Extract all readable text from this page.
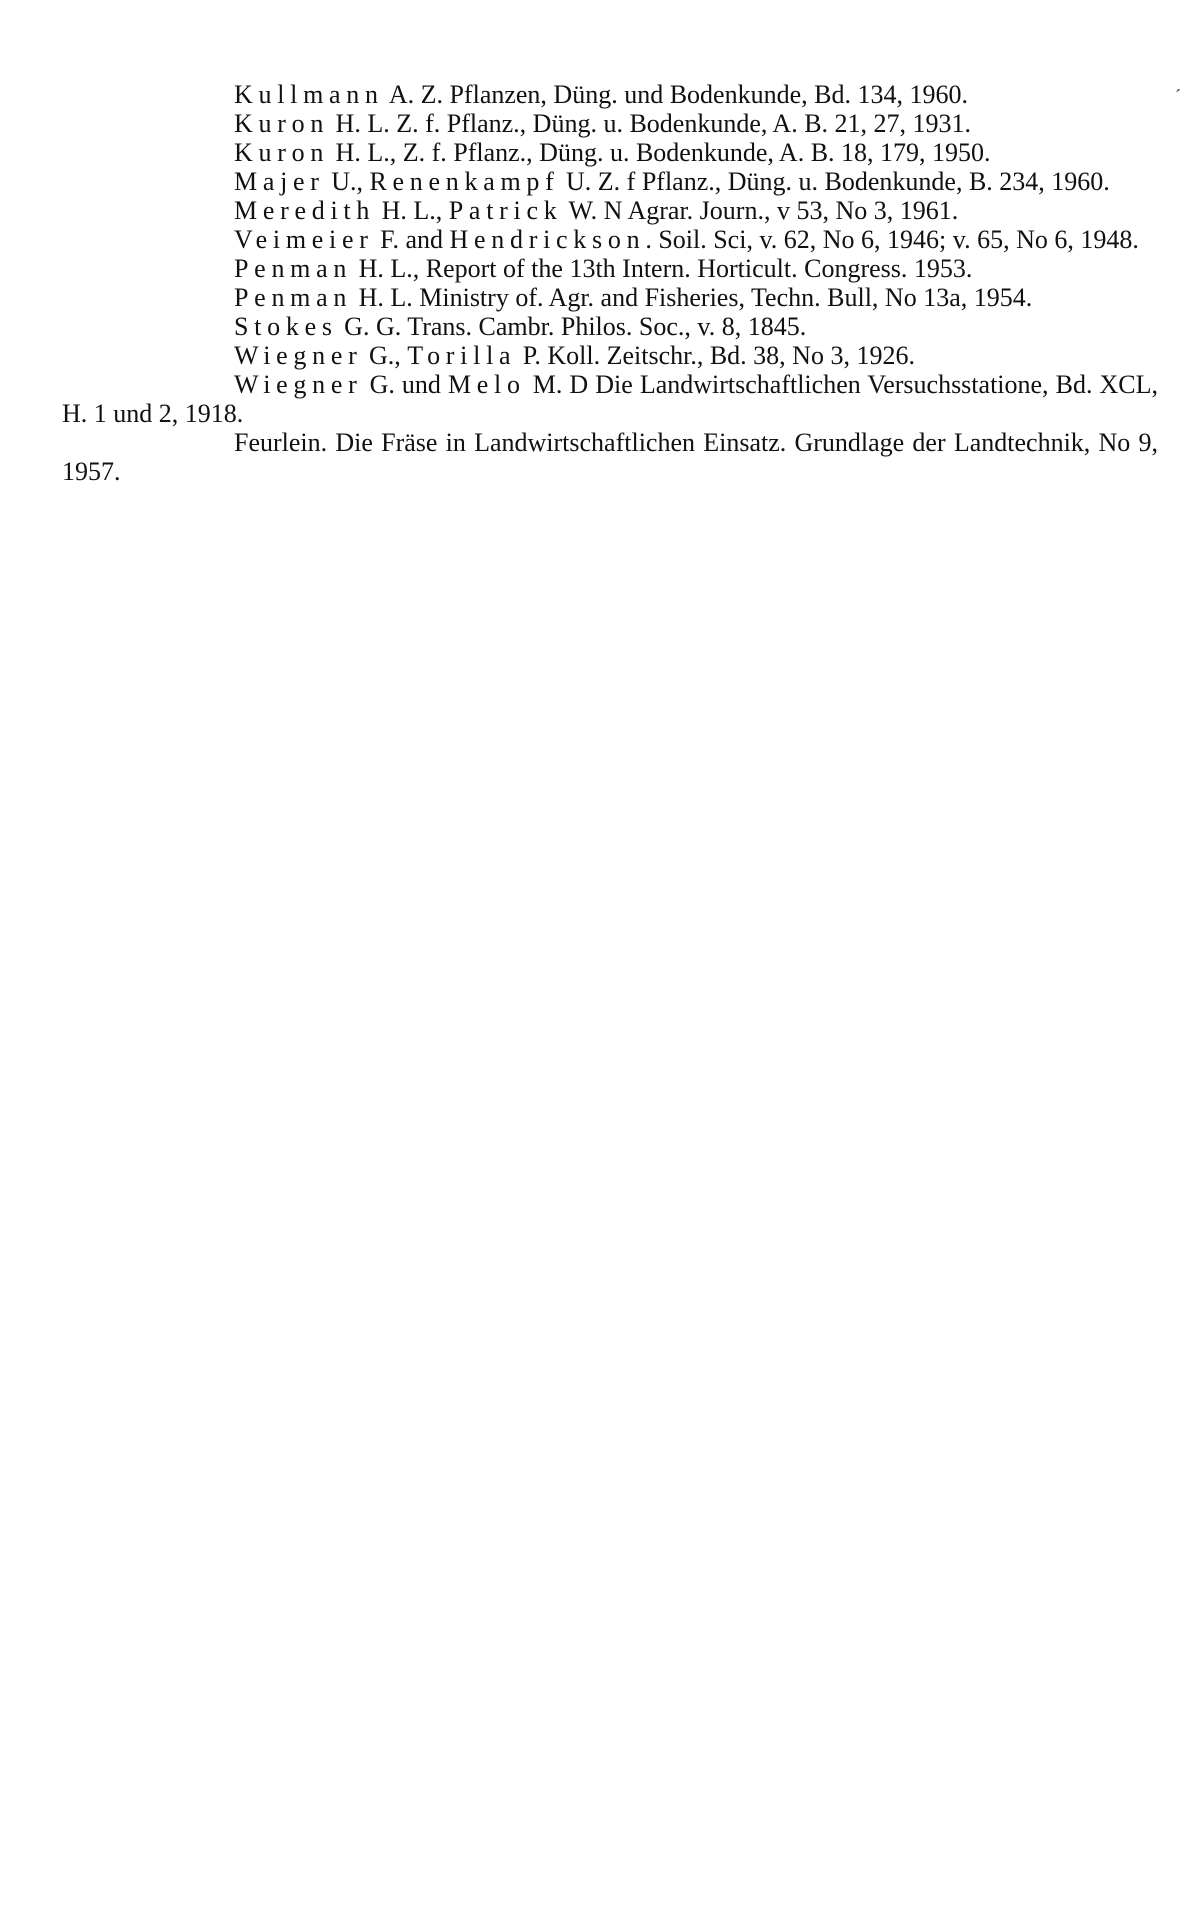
Kullmann A. Z. Pflanzen, Düng. und Bodenkunde, Bd. 134, 1960.
Kuron H. L. Z. f. Pflanz., Düng. u. Bodenkunde, A. B. 21, 27, 1931.
Kuron H. L., Z. f. Pflanz., Düng. u. Bodenkunde, A. B. 18, 179, 1950.
Majer U., Renenkampf U. Z. f Pflanz., Düng. u. Bodenkunde, B. 234, 1960.
Meredith H. L., Patrick W. N Agrar. Journ., v 53, No 3, 1961.
Veimeier F. and Hendrickson. Soil. Sci, v. 62, No 6, 1946; v. 65, No 6, 1948.
Penman H. L., Report of the 13th Intern. Horticult. Congress. 1953.
Penman H. L. Ministry of. Agr. and Fisheries, Techn. Bull, No 13a, 1954.
Stokes G. G. Trans. Cambr. Philos. Soc., v. 8, 1845.
Wiegner G., Torilla P. Koll. Zeitschr., Bd. 38, No 3, 1926.
Wiegner G. und Melo M. D Die Landwirtschaftlichen Versuchsstatione, Bd. XCL, H. 1 und 2, 1918.
Feurlein. Die Fräse in Landwirtschaftlichen Einsatz. Grundlage der Landtechnik, No 9, 1957.
´
